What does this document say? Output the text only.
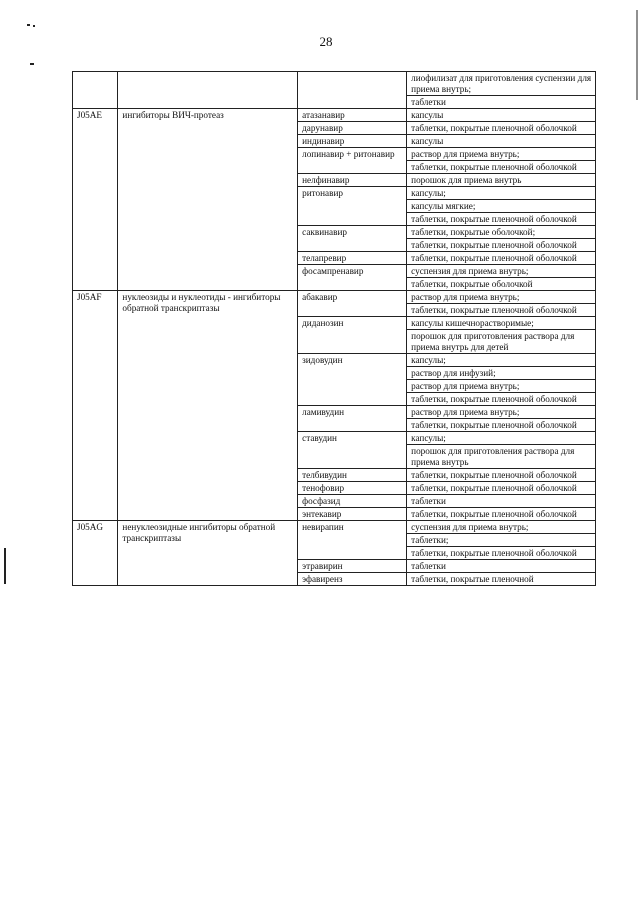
28
			лиофилизат для приготовления суспензии для приема внутрь;
			таблетки
J05AE	ингибиторы ВИЧ-протеаз	атазанавир	капсулы
		дарунавир	таблетки, покрытые пленочной оболочкой
		индинавир	капсулы
		лопинавир + ритонавир	раствор для приема внутрь;
			таблетки, покрытые пленочной оболочкой
		нелфинавир	порошок для приема внутрь
		ритонавир	капсулы;
			капсулы мягкие;
			таблетки, покрытые пленочной оболочкой
		саквинавир	таблетки, покрытые оболочкой;
			таблетки, покрытые пленочной оболочкой
		телапревир	таблетки, покрытые пленочной оболочкой
		фосампренавир	суспензия для приема внутрь;
			таблетки, покрытые оболочкой
J05AF	нуклеозиды и нуклеотиды - ингибиторы обратной транскриптазы	абакавир	раствор для приема внутрь;
			таблетки, покрытые пленочной оболочкой
		диданозин	капсулы кишечнорастворимые;
			порошок для приготовления раствора для приема внутрь для детей
		зидовудин	капсулы;
			раствор для инфузий;
			раствор для приема внутрь;
			таблетки, покрытые пленочной оболочкой
		ламивудин	раствор для приема внутрь;
			таблетки, покрытые пленочной оболочкой
		ставудин	капсулы;
			порошок для приготовления раствора для приема внутрь
		телбивудин	таблетки, покрытые пленочной оболочкой
		тенофовир	таблетки, покрытые пленочной оболочкой
		фосфазид	таблетки
		энтекавир	таблетки, покрытые пленочной оболочкой
J05AG	ненуклеозидные ингибиторы обратной транскриптазы	невирапин	суспензия для приема внутрь;
			таблетки;
			таблетки, покрытые пленочной оболочкой
		этравирин	таблетки
		эфавиренз	таблетки, покрытые пленочной
